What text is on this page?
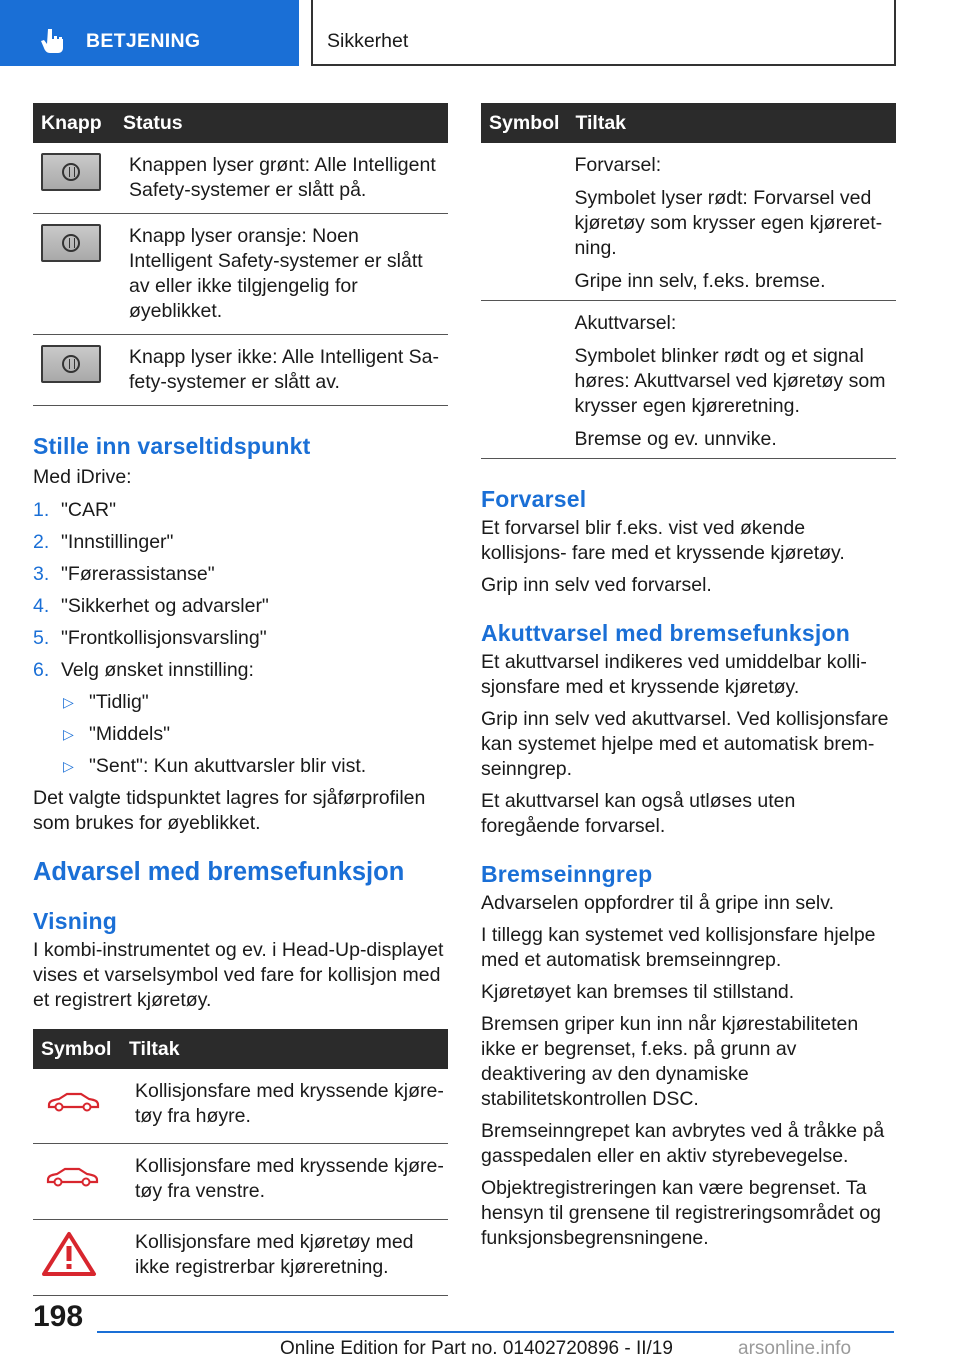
BETJENING	Sikkerhet
Knapp	Status

	Knappen lyser grønt: Alle Intelligent Safety-systemer er slått på.

	Knapp lyser oransje: Noen Intelligent Safety-systemer er slått av eller ikke tilgjengelig for øyeblikket.

	Knapp lyser ikke: Alle Intelligent Sa‐ fety-systemer er slått av.
Stille inn varseltidspunkt
Med iDrive:
1. "CAR"
2. "Innstillinger"
3. "Førerassistanse"
4. "Sikkerhet og advarsler"
5. "Frontkollisjonsvarsling"
6. Velg ønsket innstilling:
▷ "Tidlig"
▷ "Middels"
▷ "Sent": Kun akuttvarsler blir vist.
Det valgte tidspunktet lagres for sjåførprofilen som brukes for øyeblikket.
Advarsel med bremsefunksjon
Visning
I kombi-instrumentet og ev. i Head-Up-displayet vises et varselsymbol ved fare for kollisjon med et registrert kjøretøy.
Symbol	Tiltak
	Kollisjonsfare med kryssende kjøre‐ tøy fra høyre.
	Kollisjonsfare med kryssende kjøre‐ tøy fra venstre.
	Kollisjonsfare med kjøretøy med ikke registrerbar kjøreretning.
Symbol	Tiltak

	Forvarsel:

Symbolet lyser rødt: Forvarsel ved kjøretøy som krysser egen kjøreret‐ ning.

Gripe inn selv, f.eks. bremse.

	Akuttvarsel:

Symbolet blinker rødt og et signal høres: Akuttvarsel ved kjøretøy som krysser egen kjøreretning.

Bremse og ev. unnvike.

Forvarsel
Et forvarsel blir f.eks. vist ved økende kollisjons‐ fare med et kryssende kjøretøy.
Grip inn selv ved forvarsel.
Akuttvarsel med bremsefunksjon
Et akuttvarsel indikeres ved umiddelbar kolli‐ sjonsfare med et kryssende kjøretøy.
Grip inn selv ved akuttvarsel. Ved kollisjonsfare kan systemet hjelpe med et automatisk brem‐ seinngrep.
Et akuttvarsel kan også utløses uten foregående forvarsel.
Bremseinngrep
Advarselen oppfordrer til å gripe inn selv.
I tillegg kan systemet ved kollisjonsfare hjelpe med et automatisk bremseinngrep.
Kjøretøyet kan bremses til stillstand.
Bremsen griper kun inn når kjørestabiliteten ikke er begrenset, f.eks. på grunn av deaktivering av den dynamiske stabilitetskontrollen DSC.
Bremseinngrepet kan avbrytes ved å tråkke på gasspedalen eller en aktiv styrebevegelse.
Objektregistreringen kan være begrenset. Ta hensyn til grensene til registreringsområdet og funksjonsbegrensningene.
198
Online Edition for Part no. 01402720896 - II/19	arsonline.info
